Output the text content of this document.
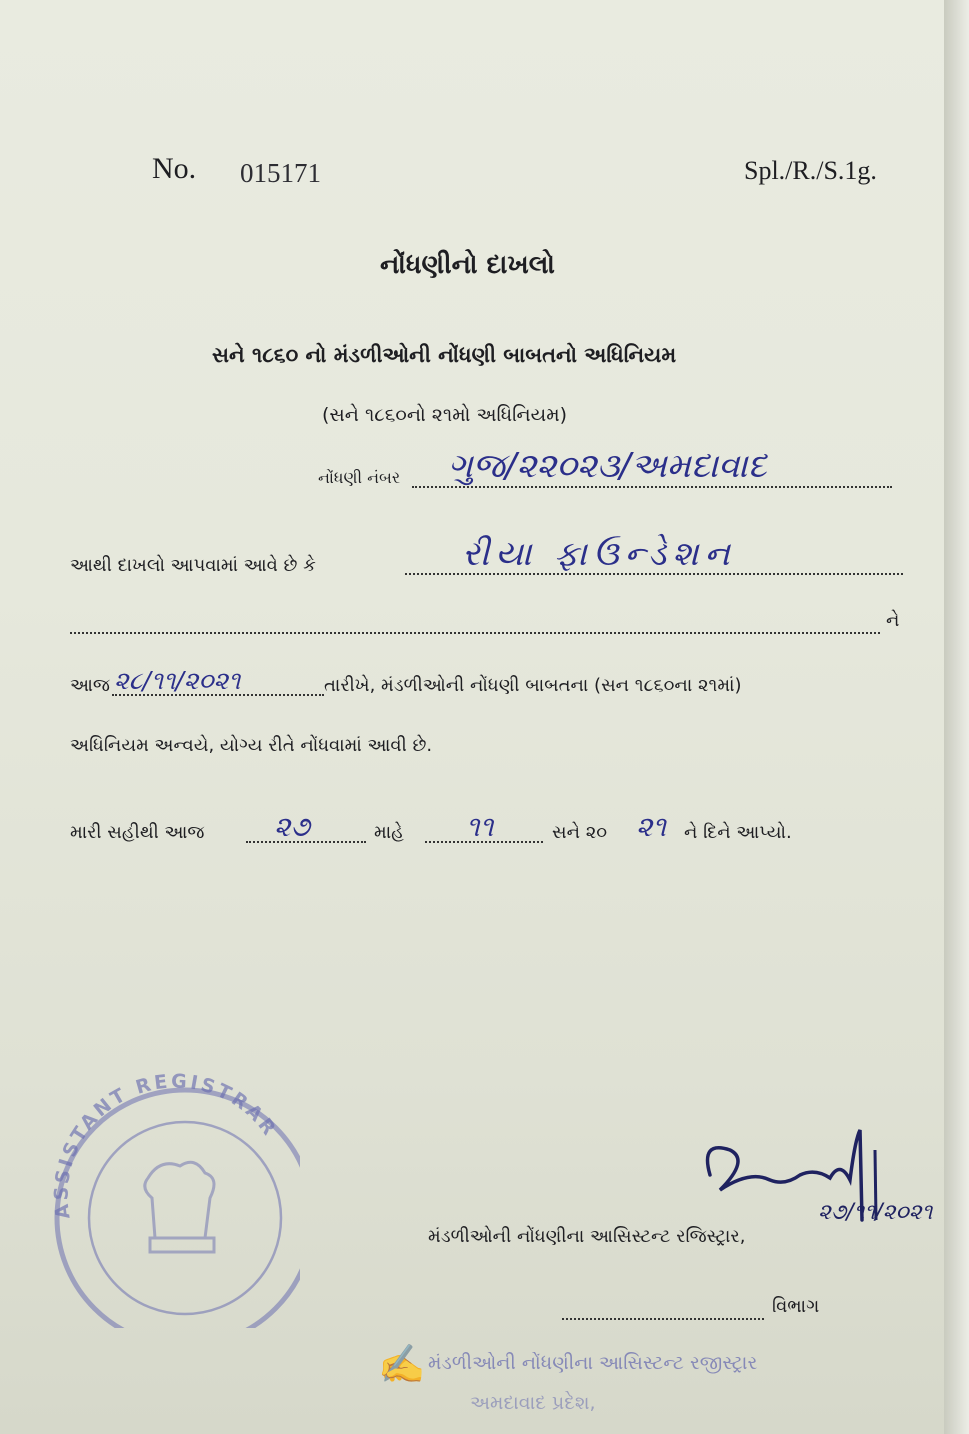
No. 015171	Spl./R./S.1g.
નોંધણીનો દાખલો
સને ૧૮૬૦ નો મંડળીઓની નોંધણી બાબતનો અધિનિયમ
(સને ૧૮૬૦નો ૨૧મો અધિનિયમ)
નોંધણી નંબર ગુજ/૨૨૦૨૩/અમદાવાદ
આથી દાખલો આપવામાં આવે છે કે	રીયા ફાઉન્ડેશન
ને
આજ ૨૮/૧૧/૨૦૨૧	તારીખે, મંડળીઓની નોંધણી બાબતના (સન ૧૮૬૦ના ૨૧માં)
અધિનિયમ અન્વયે, યોગ્ય રીતે નોંધવામાં આવી છે.
મારી સહીથી આજ ૨૭	માહે ૧૧	સને ૨૦ ૨૧ ને દિને આપ્યો.
ASSISTANT REGISTRAR
૨૭/૧૧/૨૦૨૧
મંડળીઓની નોંધણીના આસિસ્ટન્ટ રજિસ્ટ્રાર,
વિભાગ
✍ મંડળીઓની નોંધણીના આસિસ્ટન્ટ રજીસ્ટ્રાર
અમદાવાદ પ્રદેશ,
